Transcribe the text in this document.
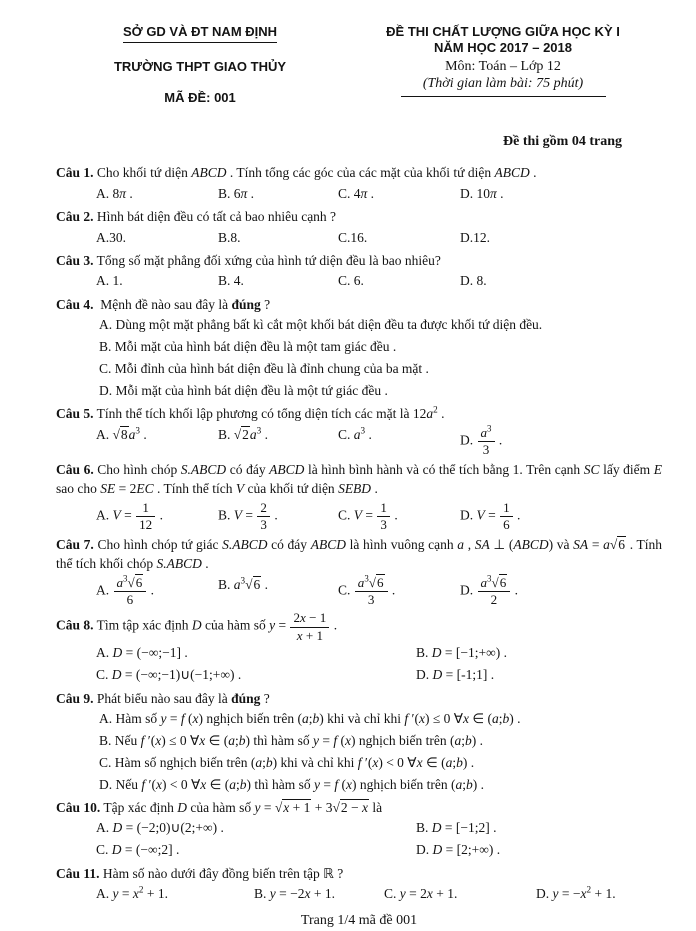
SỞ GD VÀ ĐT NAM ĐỊNH
TRƯỜNG THPT GIAO THỦY
MÃ ĐỀ: 001
ĐỀ THI CHẤT LƯỢNG GIỮA HỌC KỲ I
NĂM HỌC 2017 – 2018
Môn: Toán – Lớp 12
(Thời gian làm bài: 75 phút)
Đề thi gồm 04 trang
Câu 1. Cho khối tứ diện ABCD . Tính tổng các góc của các mặt của khối tứ diện ABCD .
A. 8π .	B. 6π .	C. 4π .	D. 10π .
Câu 2. Hình bát diện đều có tất cả bao nhiêu cạnh ?
A.30.	B.8.	C.16.	D.12.
Câu 3. Tổng số mặt phẳng đối xứng của hình tứ diện đều là bao nhiêu?
A. 1.	B. 4.	C. 6.	D. 8.
Câu 4.  Mệnh đề nào sau đây là đúng ?
A. Dùng một mặt phẳng bất kì cắt một khối bát diện đều ta được khối tứ diện đều.
B. Mỗi mặt của hình bát diện đều là một tam giác đều .
C. Mỗi đỉnh của hình bát diện đều là đỉnh chung của ba mặt .
D. Mỗi mặt của hình bát diện đều là một tứ giác đều .
Câu 5. Tính thể tích khối lập phương có tổng diện tích các mặt là $12a^2$ .
A. $√8a^3$ .	B. $√2a^3$ .	C. $a^3$ .	D. $\frac{a^3}{3}$ .
Câu 6. Cho hình chóp S.ABCD có đáy ABCD là hình bình hành và có thể tích bằng 1. Trên cạnh SC lấy điểm E sao cho SE = 2EC . Tính thể tích V của khối tứ diện SEBD .
A. $V = \frac{1}{12}$ .	B. $V = \frac{2}{3}$ .	C. $V = \frac{1}{3}$ .	D. $V = \frac{1}{6}$ .
Câu 7. Cho hình chóp tứ giác S.ABCD có đáy ABCD là hình vuông cạnh a , SA ⊥ (ABCD) và SA = a√6 . Tính thể tích khối chóp S.ABCD .
A. $\frac{a^3√6}{6}$ .	B. $a^3√6$ .	C. $\frac{a^3√6}{3}$ .	D. $\frac{a^3√6}{2}$ .
Câu 8. Tìm tập xác định D của hàm số $y = \frac{2x - 1}{x + 1}$ .
A. D = (−∞;−1] .	B. D = [−1;+∞) .
C. D = (−∞;−1)∪(−1;+∞) .	D. D = [-1;1] .
Câu 9. Phát biểu nào sau đây là đúng ?
A. Hàm số y = f (x) nghịch biến trên (a;b) khi và chỉ khi f ′(x) ≤ 0 ∀x ∈ (a;b) .
B. Nếu f ′(x) ≤ 0 ∀x ∈ (a;b) thì hàm số y = f (x) nghịch biến trên (a;b) .
C. Hàm số nghịch biến trên (a;b) khi và chỉ khi f ′(x) < 0 ∀x ∈ (a;b) .
D. Nếu f ′(x) < 0 ∀x ∈ (a;b) thì hàm số y = f (x) nghịch biến trên (a;b) .
Câu 10. Tập xác định D của hàm số y = √x + 1 + 3√2 − x là
A. D = (−2;0)∪(2;+∞) .	B. D = [−1;2] .
C. D = (−∞;2] .	D. D = [2;+∞) .
Câu 11. Hàm số nào dưới đây đồng biến trên tập ℝ ?
A. $y = x^2 + 1$.	B. y = −2x + 1.	C. y = 2x + 1.	D. $y = -x^2 + 1$.
Trang 1/4 mã đề 001
